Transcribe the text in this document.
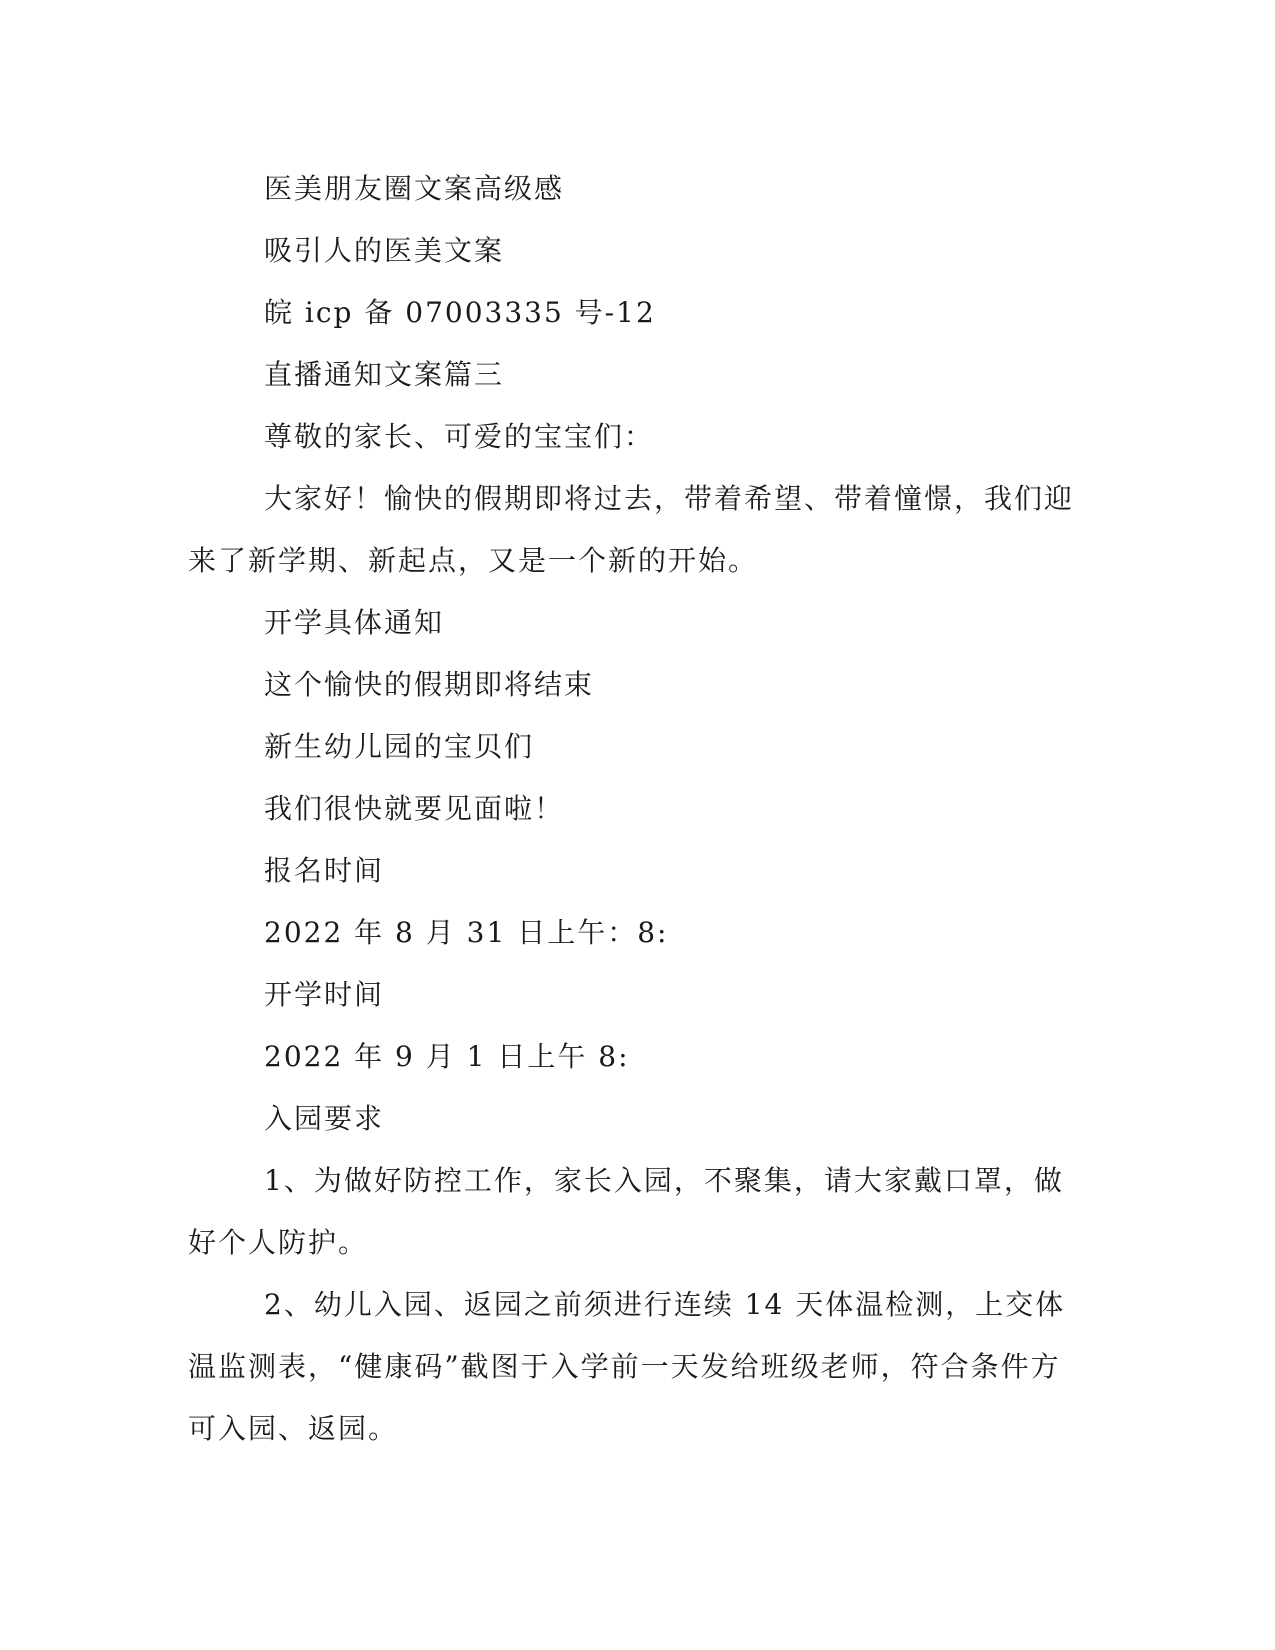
医美朋友圈文案高级感

吸引人的医美文案

皖 icp 备 07003335 号-12

直播通知文案篇三

尊敬的家长、可爱的宝宝们：

大家好！愉快的假期即将过去，带着希望、带着憧憬，我们迎来了新学期、新起点，又是一个新的开始。

开学具体通知

这个愉快的假期即将结束

新生幼儿园的宝贝们

我们很快就要见面啦！

报名时间

2022 年 8 月 31 日上午：8:

开学时间

2022 年 9 月 1 日上午 8:

入园要求

1、为做好防控工作，家长入园，不聚集，请大家戴口罩，做好个人防护。

2、幼儿入园、返园之前须进行连续 14 天体温检测，上交体温监测表，“健康码”截图于入学前一天发给班级老师，符合条件方可入园、返园。
